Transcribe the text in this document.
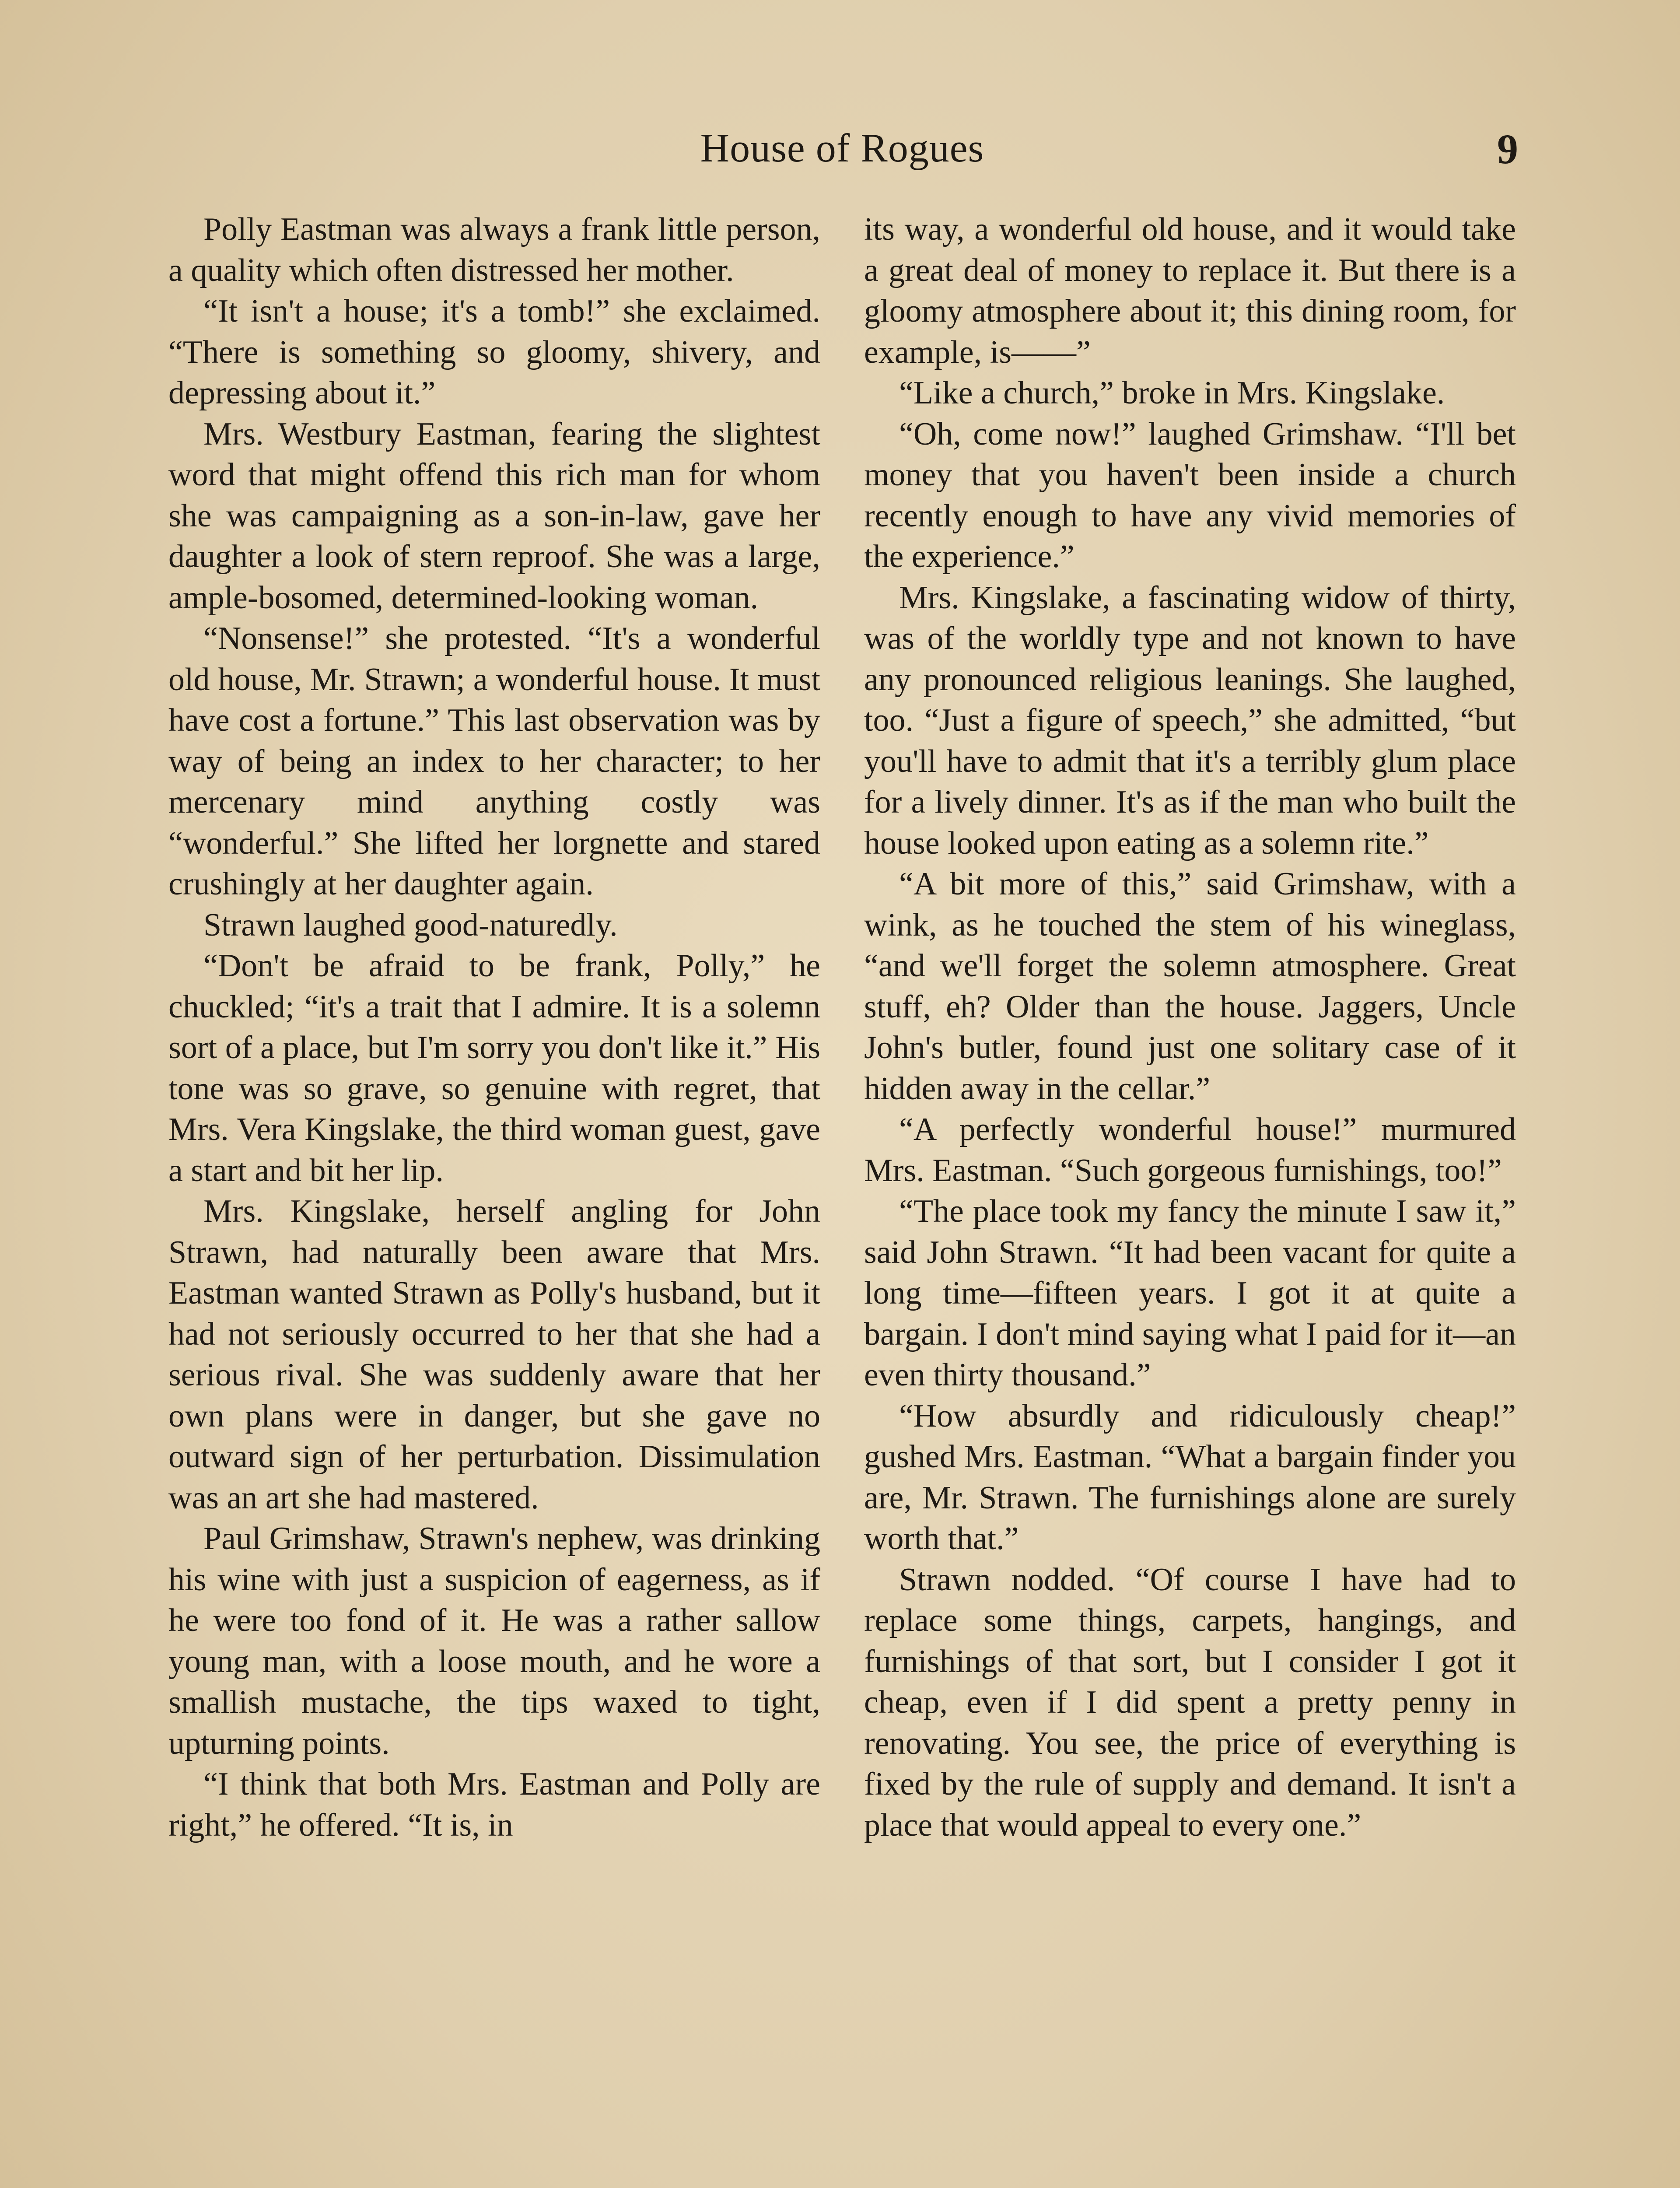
House of Rogues	9

Polly Eastman was always a frank little person, a quality which often distressed her mother.

“It isn't a house; it's a tomb!” she exclaimed. “There is something so gloomy, shivery, and depressing about it.”

Mrs. Westbury Eastman, fearing the slightest word that might offend this rich man for whom she was campaigning as a son-in-law, gave her daughter a look of stern reproof. She was a large, ample-bosomed, determined-looking woman.

“Nonsense!” she protested. “It's a wonderful old house, Mr. Strawn; a wonderful house. It must have cost a fortune.” This last observation was by way of being an index to her character; to her mercenary mind anything costly was “wonderful.” She lifted her lorgnette and stared crushingly at her daughter again.

Strawn laughed good-naturedly.

“Don't be afraid to be frank, Polly,” he chuckled; “it's a trait that I admire. It is a solemn sort of a place, but I'm sorry you don't like it.” His tone was so grave, so genuine with regret, that Mrs. Vera Kingslake, the third woman guest, gave a start and bit her lip.

Mrs. Kingslake, herself angling for John Strawn, had naturally been aware that Mrs. Eastman wanted Strawn as Polly's husband, but it had not seriously occurred to her that she had a serious rival. She was suddenly aware that her own plans were in danger, but she gave no outward sign of her perturbation. Dissimulation was an art she had mastered.

Paul Grimshaw, Strawn's nephew, was drinking his wine with just a suspicion of eagerness, as if he were too fond of it. He was a rather sallow young man, with a loose mouth, and he wore a smallish mustache, the tips waxed to tight, upturning points.

“I think that both Mrs. Eastman and Polly are right,” he offered. “It is, in

its way, a wonderful old house, and it would take a great deal of money to replace it. But there is a gloomy atmosphere about it; this dining room, for example, is——”

“Like a church,” broke in Mrs. Kingslake.

“Oh, come now!” laughed Grimshaw. “I'll bet money that you haven't been inside a church recently enough to have any vivid memories of the experience.”

Mrs. Kingslake, a fascinating widow of thirty, was of the worldly type and not known to have any pronounced religious leanings. She laughed, too. “Just a figure of speech,” she admitted, “but you'll have to admit that it's a terribly glum place for a lively dinner. It's as if the man who built the house looked upon eating as a solemn rite.”

“A bit more of this,” said Grimshaw, with a wink, as he touched the stem of his wineglass, “and we'll forget the solemn atmosphere. Great stuff, eh? Older than the house. Jaggers, Uncle John's butler, found just one solitary case of it hidden away in the cellar.”

“A perfectly wonderful house!” murmured Mrs. Eastman. “Such gorgeous furnishings, too!”

“The place took my fancy the minute I saw it,” said John Strawn. “It had been vacant for quite a long time—fifteen years. I got it at quite a bargain. I don't mind saying what I paid for it—an even thirty thousand.”

“How absurdly and ridiculously cheap!” gushed Mrs. Eastman. “What a bargain finder you are, Mr. Strawn. The furnishings alone are surely worth that.”

Strawn nodded. “Of course I have had to replace some things, carpets, hangings, and furnishings of that sort, but I consider I got it cheap, even if I did spent a pretty penny in renovating. You see, the price of everything is fixed by the rule of supply and demand. It isn't a place that would appeal to every one.”
